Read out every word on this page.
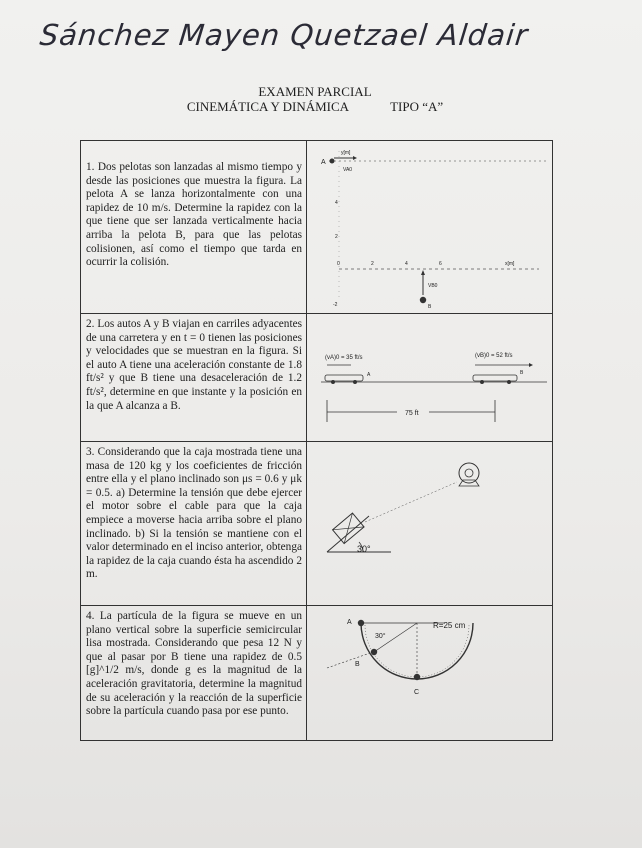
Sánchez Mayen Quetzael Aldair
EXAMEN PARCIAL
CINEMÁTICA Y DINÁMICA	TIPO “A”
1. Dos pelotas son lanzadas al mismo tiempo y desde las posiciones que muestra la figura. La pelota A se lanza horizontalmente con una rapidez de 10 m/s. Determine la rapidez con la que tiene que ser lanzada verticalmente hacia arriba la pelota B, para que las pelotas colisionen, así como el tiempo que tarda en ocurrir la colisión.
A
y[m]
VA0
4
2
-2
0	2	4	6	x[m]
VB0
B
2. Los autos A y B viajan en carriles adyacentes de una carretera y en t = 0 tienen las posiciones y velocidades que se muestran en la figura. Si el auto A tiene una aceleración constante de 1.8 ft/s² y que B tiene una desaceleración de 1.2 ft/s², determine en que instante y la posición en la que A alcanza a B.
(vA)0 = 35 ft/s	(vB)0 = 52 ft/s
A	B
75 ft
3. Considerando que la caja mostrada tiene una masa de 120 kg y los coeficientes de fricción entre ella y el plano inclinado son μs = 0.6 y μk = 0.5. a) Determine la tensión que debe ejercer el motor sobre el cable para que la caja empiece a moverse hacia arriba sobre el plano inclinado. b) Si la tensión se mantiene con el valor determinado en el inciso anterior, obtenga la rapidez de la caja cuando ésta ha ascendido 2 m.
30°
4. La partícula de la figura se mueve en un plano vertical sobre la superficie semicircular lisa mostrada. Considerando que pesa 12 N y que al pasar por B tiene una rapidez de 0.5 [g]^1/2 m/s, donde g es la magnitud de la aceleración gravitatoria, determine la magnitud de su aceleración y la reacción de la superficie sobre la partícula cuando pasa por ese punto.
A
B
C
30°
R=25 cm
